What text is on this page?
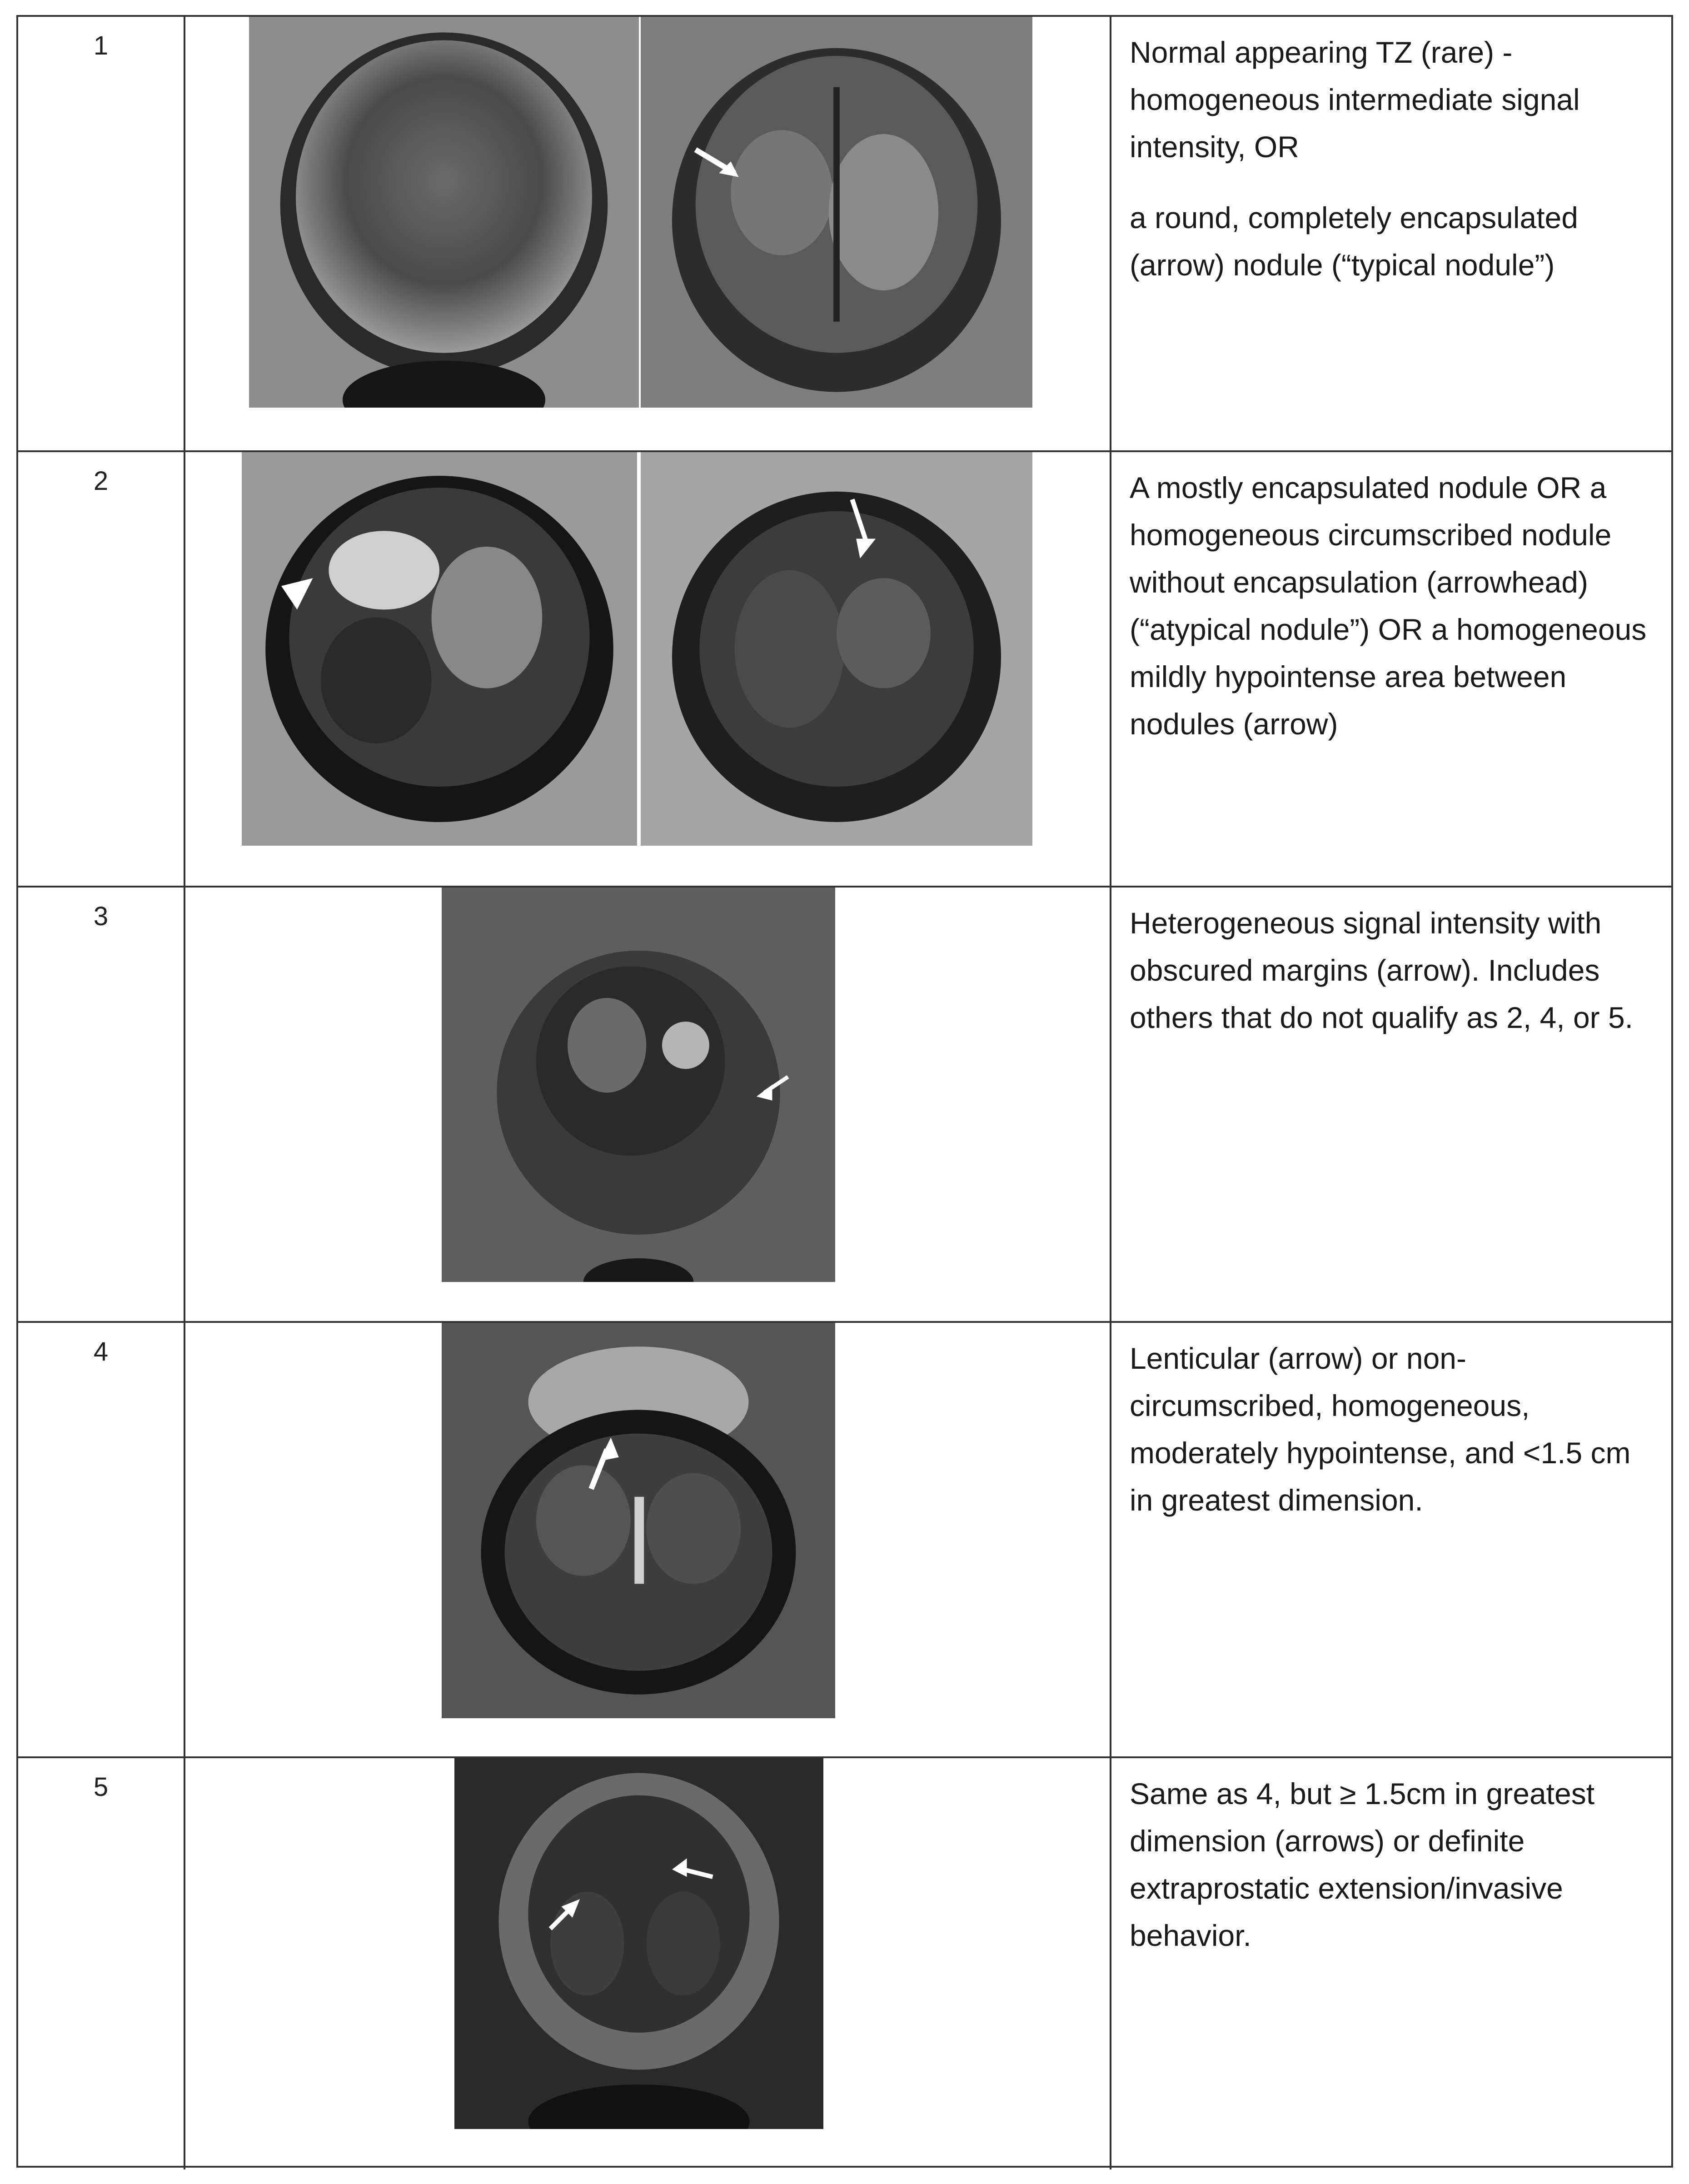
1	Normal appearing TZ (rare) - homogeneous intermediate signal intensity, OR

a round, completely encapsulated (arrow) nodule (“typical nodule”)

2	A mostly encapsulated nodule OR a homogeneous circumscribed nodule without encapsulation (arrowhead) (“atypical nodule”) OR a homogeneous mildly hypointense area between nodules (arrow)

3	Heterogeneous signal intensity with obscured margins (arrow). Includes others that do not qualify as 2, 4, or 5.

4	Lenticular (arrow) or non-circumscribed, homogeneous, moderately hypointense, and <1.5 cm in greatest dimension.

5	Same as 4, but ≥ 1.5cm in greatest dimension (arrows) or definite extraprostatic extension/invasive behavior.
